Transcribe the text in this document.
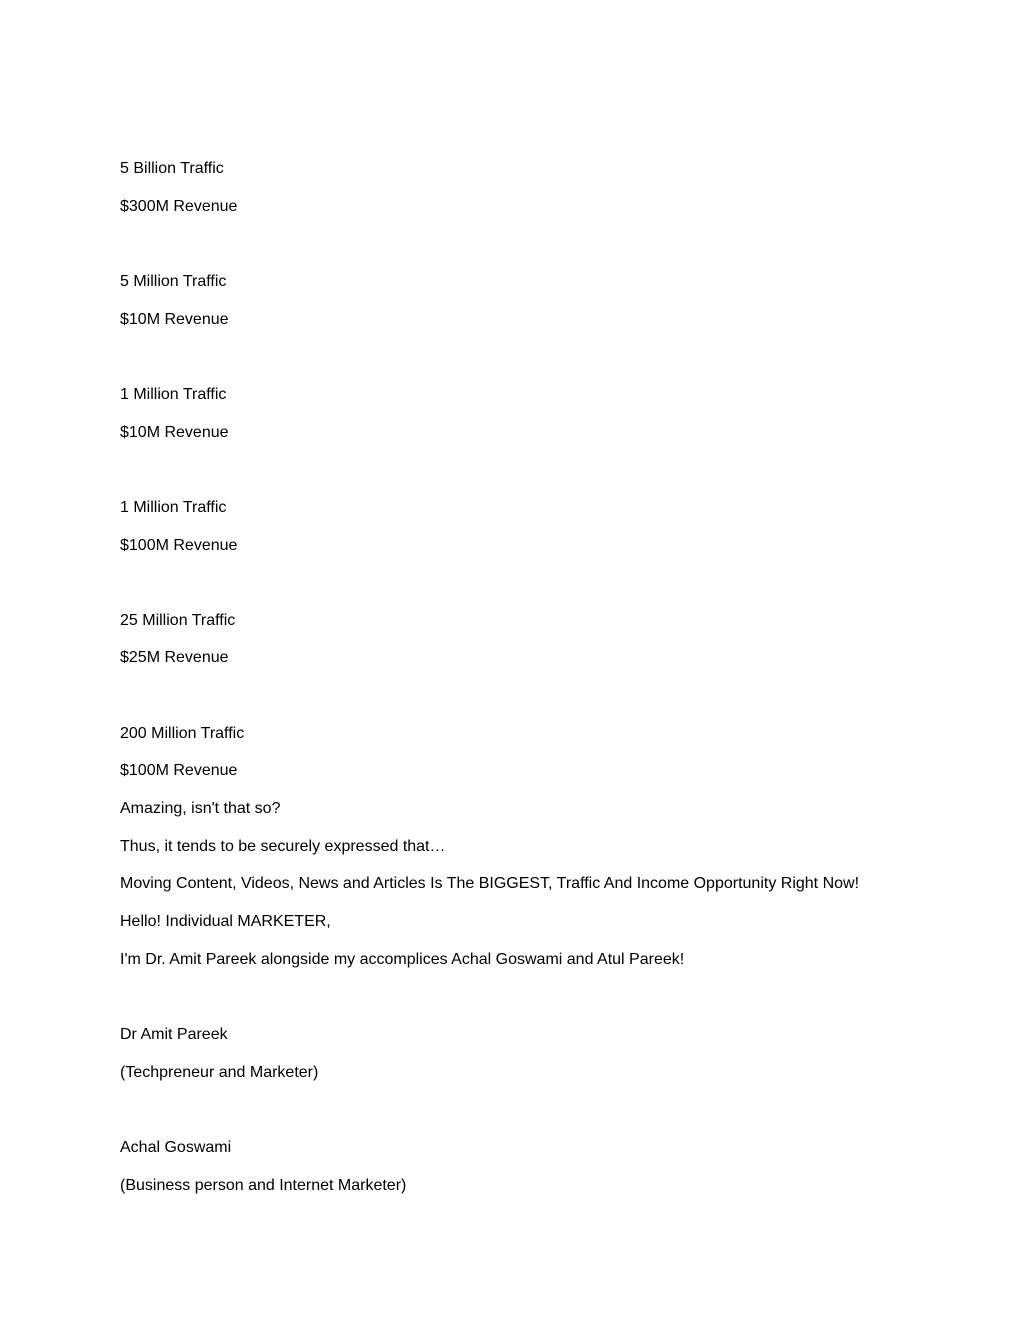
5 Billion Traffic
$300M Revenue
5 Million Traffic
$10M Revenue
1 Million Traffic
$10M Revenue
1 Million Traffic
$100M Revenue
25 Million Traffic
$25M Revenue
200 Million Traffic
$100M Revenue
Amazing, isn't that so?
Thus, it tends to be securely expressed that…
Moving Content, Videos, News and Articles Is The BIGGEST, Traffic And Income Opportunity Right Now!
Hello! Individual MARKETER,
I'm Dr. Amit Pareek alongside my accomplices Achal Goswami and Atul Pareek!
Dr Amit Pareek
(Techpreneur and Marketer)
Achal Goswami
(Business person and Internet Marketer)
